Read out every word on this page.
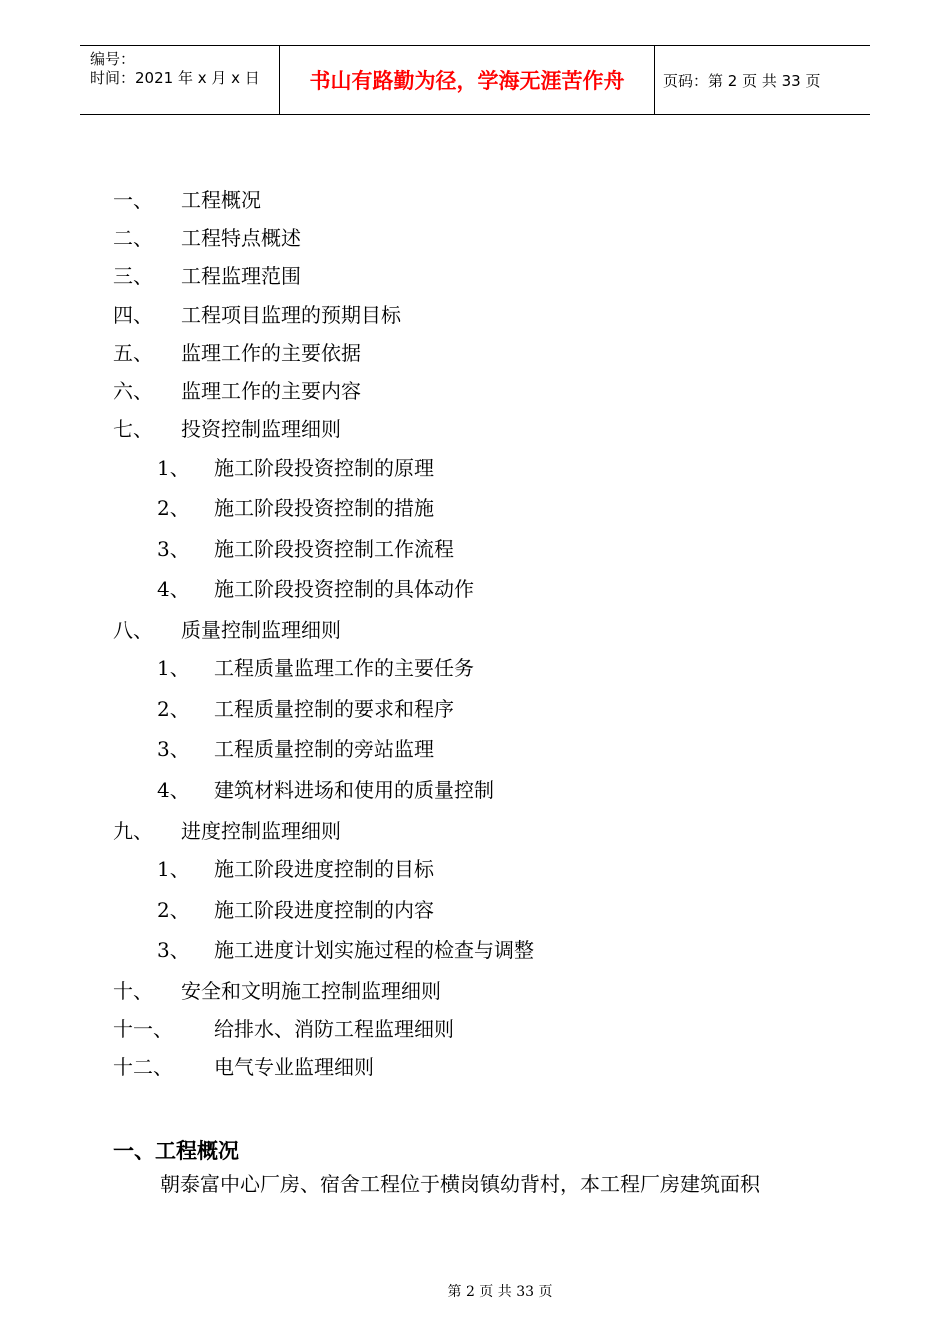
编号：
时间：2021 年 x 月 x 日	书山有路勤为径，学海无涯苦作舟	页码：第 2 页 共 33 页
一、 工程概况
二、 工程特点概述
三、 工程监理范围
四、 工程项目监理的预期目标
五、 监理工作的主要依据
六、 监理工作的主要内容
七、 投资控制监理细则
1、 施工阶段投资控制的原理
2、 施工阶段投资控制的措施
3、 施工阶段投资控制工作流程
4、 施工阶段投资控制的具体动作
八、 质量控制监理细则
1、 工程质量监理工作的主要任务
2、 工程质量控制的要求和程序
3、 工程质量控制的旁站监理
4、 建筑材料进场和使用的质量控制
九、 进度控制监理细则
1、 施工阶段进度控制的目标
2、 施工阶段进度控制的内容
3、 施工进度计划实施过程的检查与调整
十、 安全和文明施工控制监理细则
十一、 给排水、消防工程监理细则
十二、 电气专业监理细则
一、工程概况
朝泰富中心厂房、宿舍工程位于横岗镇幼背村，本工程厂房建筑面积
第 2 页 共 33 页
